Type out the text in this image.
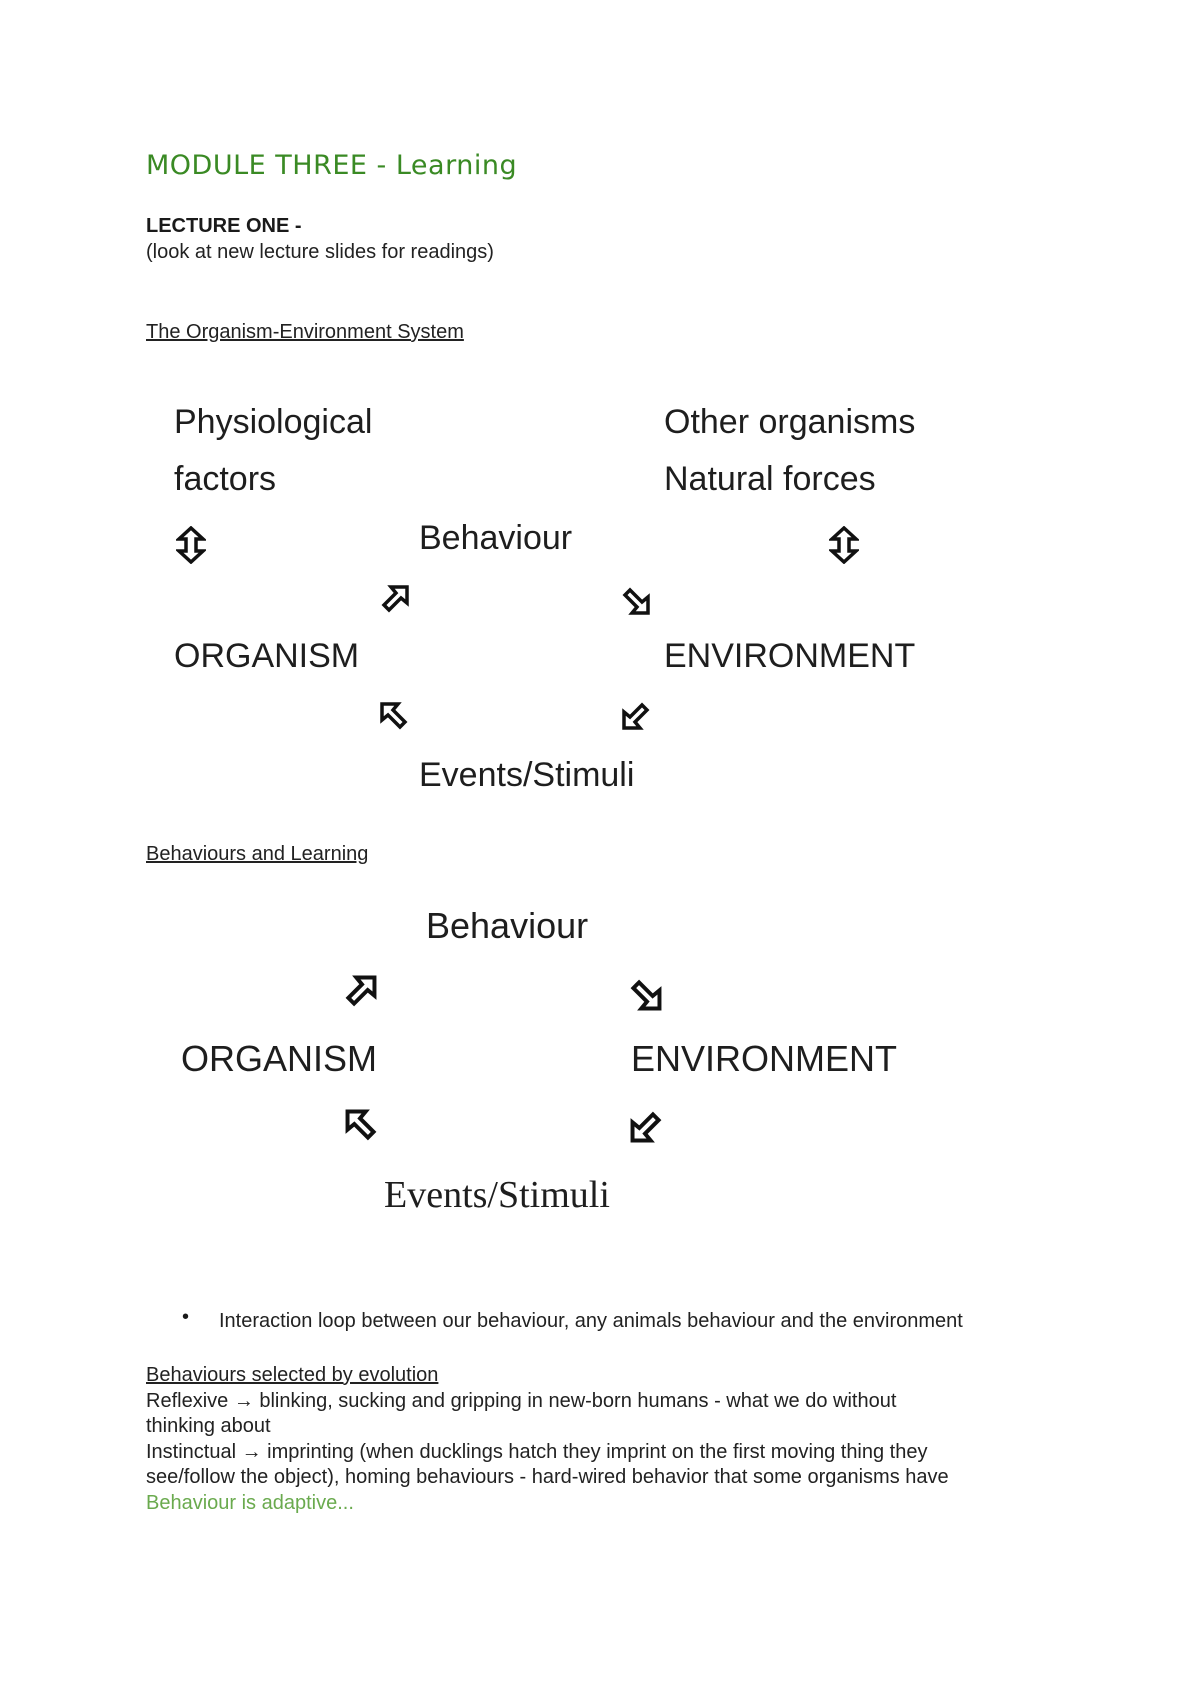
MODULE THREE - Learning
LECTURE ONE -
(look at new lecture slides for readings)
The Organism-Environment System
Physiological
factors
Other organisms
Natural forces
Behaviour
ORGANISM	ENVIRONMENT
Events/Stimuli
Behaviours and Learning
Behaviour
ORGANISM	ENVIRONMENT
Events/Stimuli
• Interaction loop between our behaviour, any animals behaviour and the environment
Behaviours selected by evolution
Reflexive → blinking, sucking and gripping in new-born humans - what we do without
thinking about
Instinctual → imprinting (when ducklings hatch they imprint on the first moving thing they
see/follow the object), homing behaviours - hard-wired behavior that some organisms have
Behaviour is adaptive...
